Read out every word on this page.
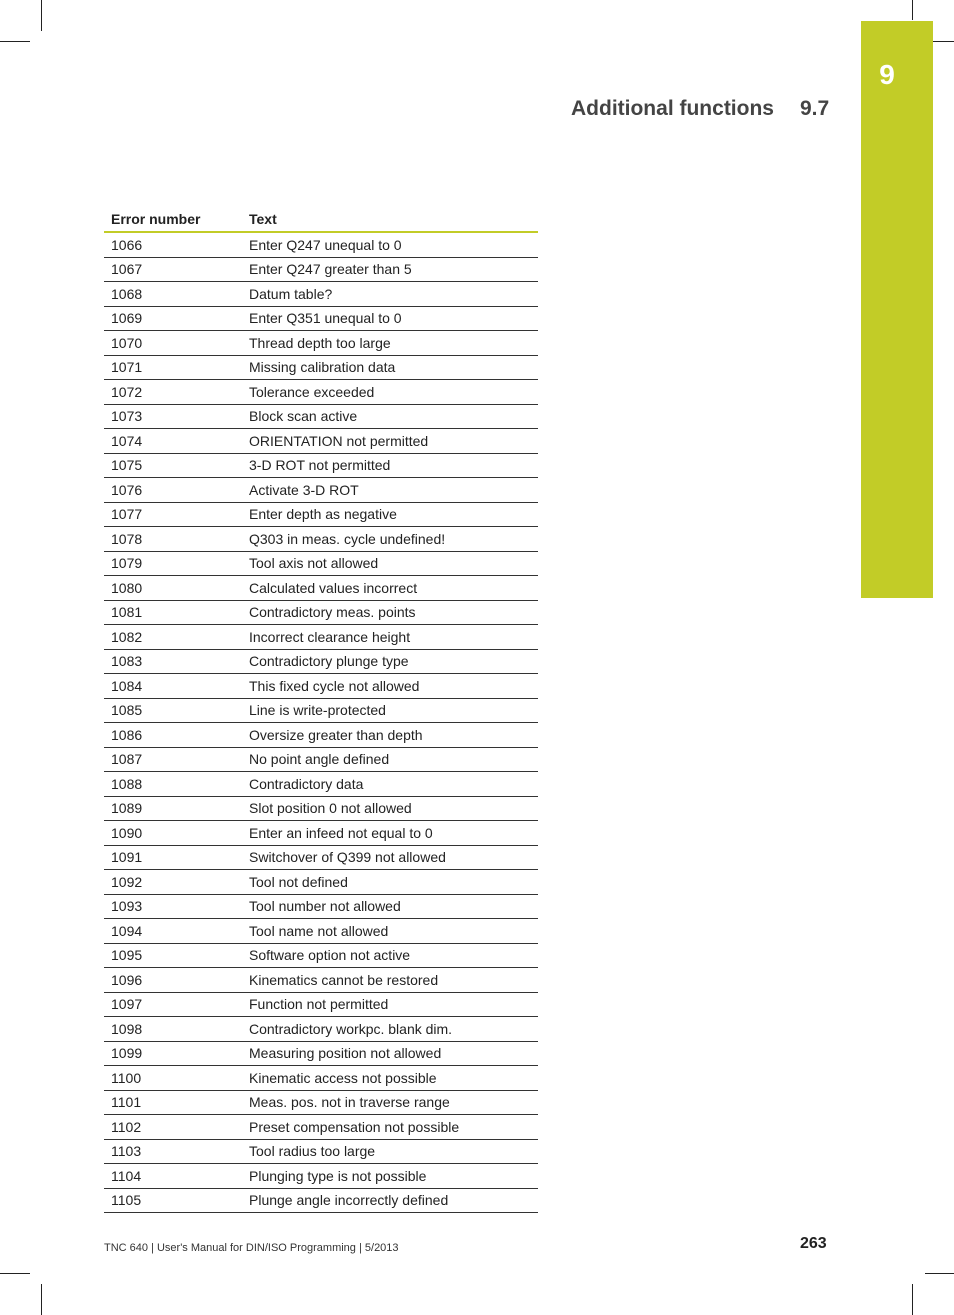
9
Additional functions 9.7
Error number	Text
1066	Enter Q247 unequal to 0
1067	Enter Q247 greater than 5
1068	Datum table?
1069	Enter Q351 unequal to 0
1070	Thread depth too large
1071	Missing calibration data
1072	Tolerance exceeded
1073	Block scan active
1074	ORIENTATION not permitted
1075	3-D ROT not permitted
1076	Activate 3-D ROT
1077	Enter depth as negative
1078	Q303 in meas. cycle undefined!
1079	Tool axis not allowed
1080	Calculated values incorrect
1081	Contradictory meas. points
1082	Incorrect clearance height
1083	Contradictory plunge type
1084	This fixed cycle not allowed
1085	Line is write-protected
1086	Oversize greater than depth
1087	No point angle defined
1088	Contradictory data
1089	Slot position 0 not allowed
1090	Enter an infeed not equal to 0
1091	Switchover of Q399 not allowed
1092	Tool not defined
1093	Tool number not allowed
1094	Tool name not allowed
1095	Software option not active
1096	Kinematics cannot be restored
1097	Function not permitted
1098	Contradictory workpc. blank dim.
1099	Measuring position not allowed
1100	Kinematic access not possible
1101	Meas. pos. not in traverse range
1102	Preset compensation not possible
1103	Tool radius too large
1104	Plunging type is not possible
1105	Plunge angle incorrectly defined
TNC 640 | User's Manual for DIN/ISO Programming | 5/2013	263
